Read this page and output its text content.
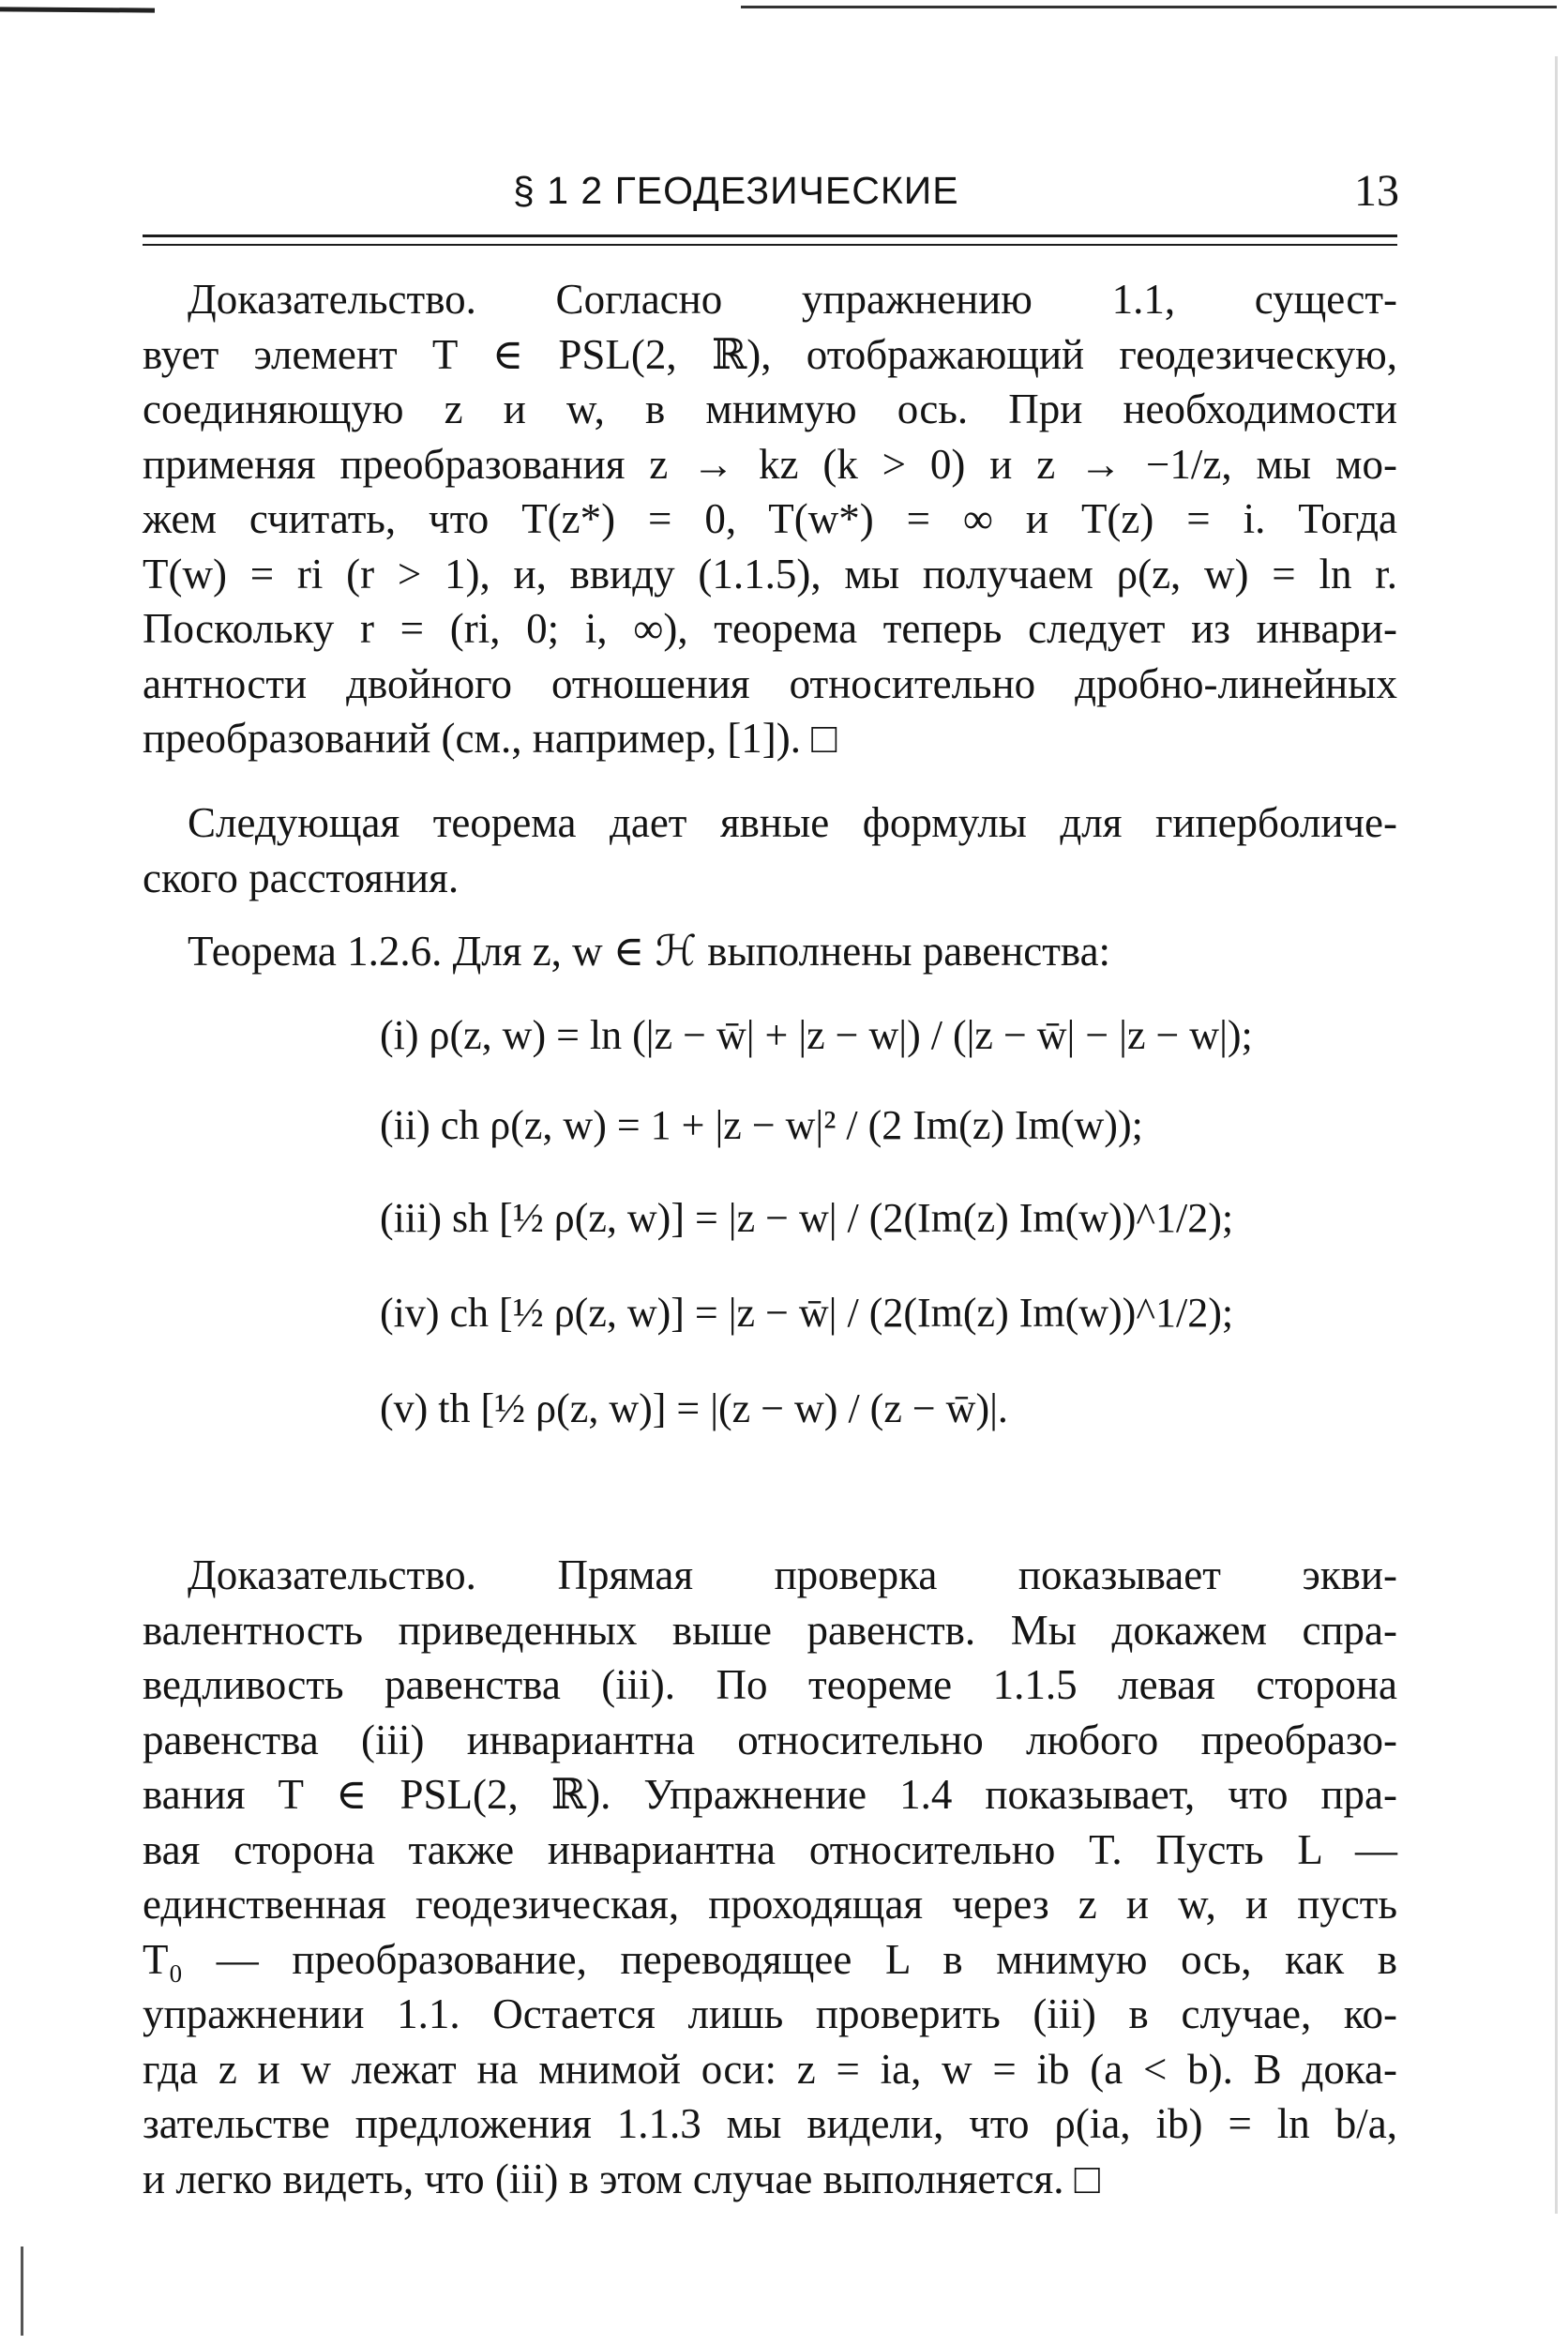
§ 1 2 ГЕОДЕЗИЧЕСКИЕ	13
Доказательство. Согласно упражнению 1.1, сущест-
вует элемент T ∈ PSL(2, ℝ), отображающий геодезическую,
соединяющую z и w, в мнимую ось. При необходимости
применяя преобразования z → kz (k > 0) и z → −1/z, мы мо-
жем считать, что T(z*) = 0, T(w*) = ∞ и T(z) = i. Тогда
T(w) = ri (r > 1), и, ввиду (1.1.5), мы получаем ρ(z, w) = ln r.
Поскольку r = (ri, 0; i, ∞), теорема теперь следует из инвари-
антности двойного отношения относительно дробно-линейных
преобразований (см., например, [1]). □
Следующая теорема дает явные формулы для гиперболиче-
ского расстояния.
Теорема 1.2.6. Для z, w ∈ ℋ выполнены равенства:
(i) ρ(z, w) = ln (|z − w̄| + |z − w|) / (|z − w̄| − |z − w|);
(ii) ch ρ(z, w) = 1 + |z − w|² / (2 Im(z) Im(w));
(iii) sh [½ ρ(z, w)] = |z − w| / (2(Im(z) Im(w))^1/2);
(iv) ch [½ ρ(z, w)] = |z − w̄| / (2(Im(z) Im(w))^1/2);
(v) th [½ ρ(z, w)] = |(z − w) / (z − w̄)|.
Доказательство. Прямая проверка показывает экви-
валентность приведенных выше равенств. Мы докажем спра-
ведливость равенства (iii). По теореме 1.1.5 левая сторона
равенства (iii) инвариантна относительно любого преобразо-
вания T ∈ PSL(2, ℝ). Упражнение 1.4 показывает, что пра-
вая сторона также инвариантна относительно T. Пусть L —
единственная геодезическая, проходящая через z и w, и пусть
T₀ — преобразование, переводящее L в мнимую ось, как в
упражнении 1.1. Остается лишь проверить (iii) в случае, ко-
гда z и w лежат на мнимой оси: z = ia, w = ib (a < b). В дока-
зательстве предложения 1.1.3 мы видели, что ρ(ia, ib) = ln b/a,
и легко видеть, что (iii) в этом случае выполняется. □
